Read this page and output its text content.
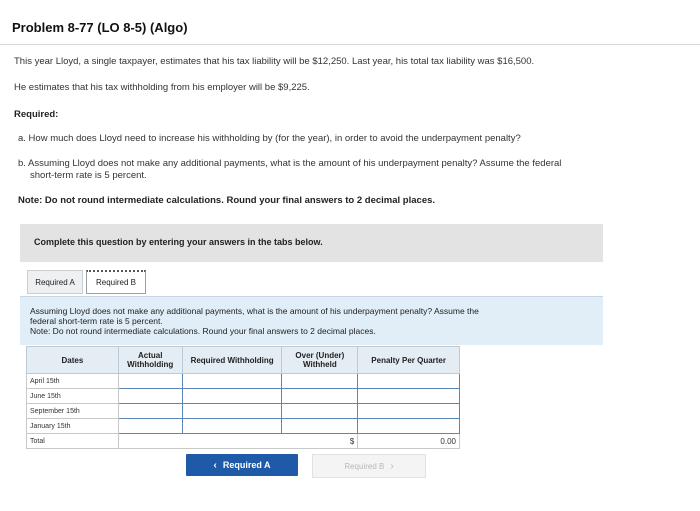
Problem 8-77 (LO 8-5) (Algo)
This year Lloyd, a single taxpayer, estimates that his tax liability will be $12,250. Last year, his total tax liability was $16,500.
He estimates that his tax withholding from his employer will be $9,225.
Required:
a. How much does Lloyd need to increase his withholding by (for the year), in order to avoid the underpayment penalty?
b. Assuming Lloyd does not make any additional payments, what is the amount of his underpayment penalty? Assume the federal
short-term rate is 5 percent.
Note: Do not round intermediate calculations. Round your final answers to 2 decimal places.
Complete this question by entering your answers in the tabs below.
Required A	Required B
Assuming Lloyd does not make any additional payments, what is the amount of his underpayment penalty? Assume the
federal short-term rate is 5 percent.
Note: Do not round intermediate calculations. Round your final answers to 2 decimal places.
Dates	Actual Withholding	Required Withholding	Over (Under) Withheld	Penalty Per Quarter
April 15th				
June 15th				
September 15th				
January 15th				
Total			$	0.00
‹ Required A	Required B ›
